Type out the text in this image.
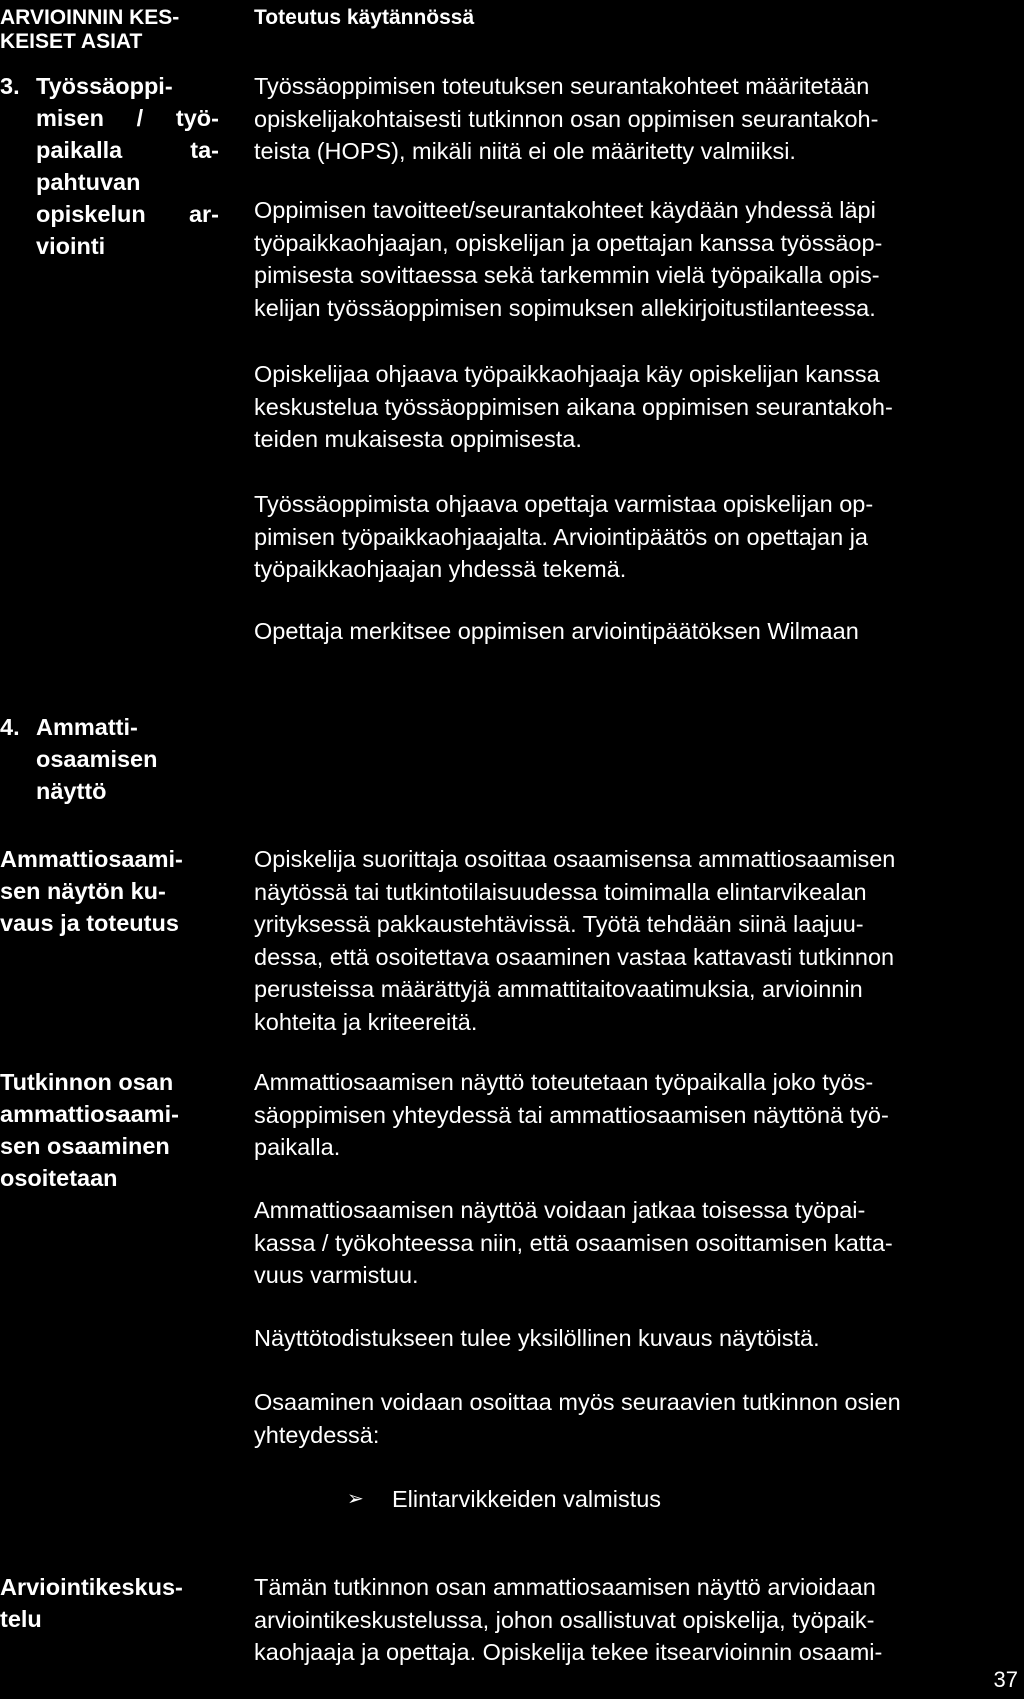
ARVIOINNIN KES-
KEISET ASIAT
Toteutus käytännössä
3. Työssäoppi-
misen / työ-
paikalla ta-
pahtuvan
opiskelun ar-
viointi
Työssäoppimisen toteutuksen seurantakohteet määritetään
opiskelijakohtaisesti tutkinnon osan oppimisen seurantakoh-
teista (HOPS), mikäli niitä ei ole määritetty valmiiksi.
Oppimisen tavoitteet/seurantakohteet käydään yhdessä läpi
työpaikkaohjaajan, opiskelijan ja opettajan kanssa työssäop-
pimisesta sovittaessa sekä tarkemmin vielä työpaikalla opis-
kelijan työssäoppimisen sopimuksen allekirjoitustilanteessa.
Opiskelijaa ohjaava työpaikkaohjaaja käy opiskelijan kanssa
keskustelua työssäoppimisen aikana oppimisen seurantakoh-
teiden mukaisesta oppimisesta.
Työssäoppimista ohjaava opettaja varmistaa opiskelijan op-
pimisen työpaikkaohjaajalta. Arviointipäätös on opettajan ja
työpaikkaohjaajan yhdessä tekemä.
Opettaja merkitsee oppimisen arviointipäätöksen Wilmaan
4. Ammatti-
osaamisen
näyttö
Ammattiosaami-
sen näytön ku-
vaus ja toteutus
Opiskelija suorittaja osoittaa osaamisensa ammattiosaamisen
näytössä tai tutkintotilaisuudessa toimimalla elintarvikealan
yrityksessä pakkaustehtävissä. Työtä tehdään siinä laajuu-
dessa, että osoitettava osaaminen vastaa kattavasti tutkinnon
perusteissa määrättyjä ammattitaitovaatimuksia, arvioinnin
kohteita ja kriteereitä.
Tutkinnon osan
ammattiosaami-
sen osaaminen
osoitetaan
Ammattiosaamisen näyttö toteutetaan työpaikalla joko työs-
säoppimisen yhteydessä tai ammattiosaamisen näyttönä työ-
paikalla.
Ammattiosaamisen näyttöä voidaan jatkaa toisessa työpai-
kassa / työkohteessa niin, että osaamisen osoittamisen katta-
vuus varmistuu.
Näyttötodistukseen tulee yksilöllinen kuvaus näytöistä.
Osaaminen voidaan osoittaa myös seuraavien tutkinnon osien
yhteydessä:
➢ Elintarvikkeiden valmistus
Arviointikeskus-
telu
Tämän tutkinnon osan ammattiosaamisen näyttö arvioidaan
arviointikeskustelussa, johon osallistuvat opiskelija, työpaik-
kaohjaaja ja opettaja. Opiskelija tekee itsearvioinnin osaami-
37
